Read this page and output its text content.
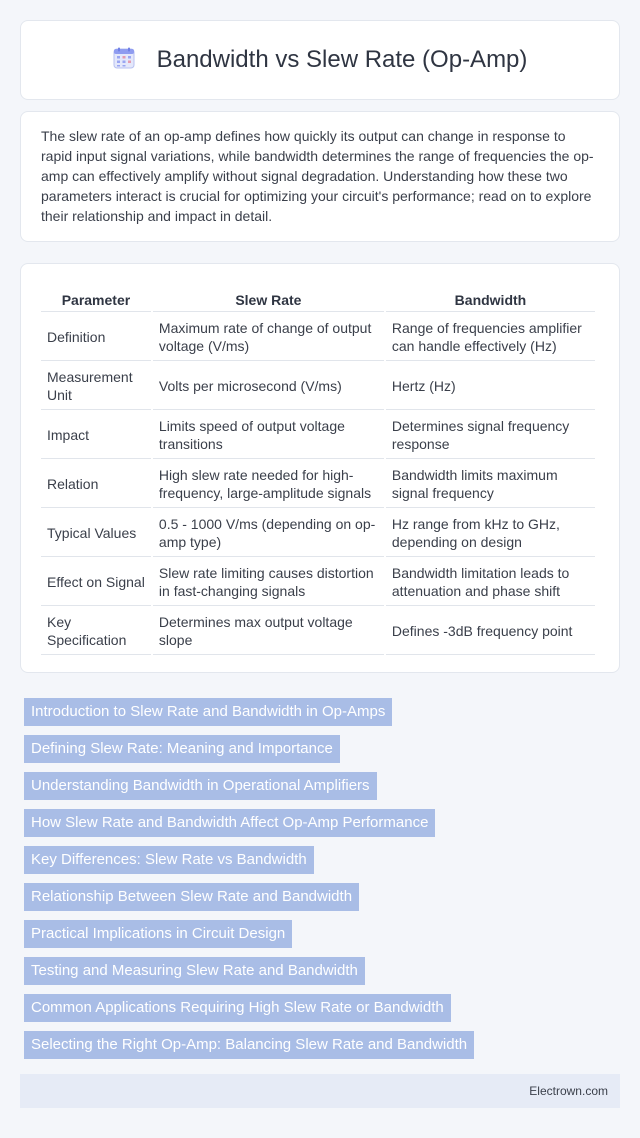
Bandwidth vs Slew Rate (Op-Amp)

The slew rate of an op-amp defines how quickly its output can change in response to rapid input signal variations, while bandwidth determines the range of frequencies the op-amp can effectively amplify without signal degradation. Understanding how these two parameters interact is crucial for optimizing your circuit's performance; read on to explore their relationship and impact in detail.

Parameter	Slew Rate	Bandwidth
Definition	Maximum rate of change of output voltage (V/ms)	Range of frequencies amplifier can handle effectively (Hz)
Measurement Unit	Volts per microsecond (V/ms)	Hertz (Hz)
Impact	Limits speed of output voltage transitions	Determines signal frequency response
Relation	High slew rate needed for high-frequency, large-amplitude signals	Bandwidth limits maximum signal frequency
Typical Values	0.5 - 1000 V/ms (depending on op-amp type)	Hz range from kHz to GHz, depending on design
Effect on Signal	Slew rate limiting causes distortion in fast-changing signals	Bandwidth limitation leads to attenuation and phase shift
Key Specification	Determines max output voltage slope	Defines -3dB frequency point
Introduction to Slew Rate and Bandwidth in Op-Amps
Defining Slew Rate: Meaning and Importance
Understanding Bandwidth in Operational Amplifiers
How Slew Rate and Bandwidth Affect Op-Amp Performance
Key Differences: Slew Rate vs Bandwidth
Relationship Between Slew Rate and Bandwidth
Practical Implications in Circuit Design
Testing and Measuring Slew Rate and Bandwidth
Common Applications Requiring High Slew Rate or Bandwidth
Selecting the Right Op-Amp: Balancing Slew Rate and Bandwidth
Electrown.com
